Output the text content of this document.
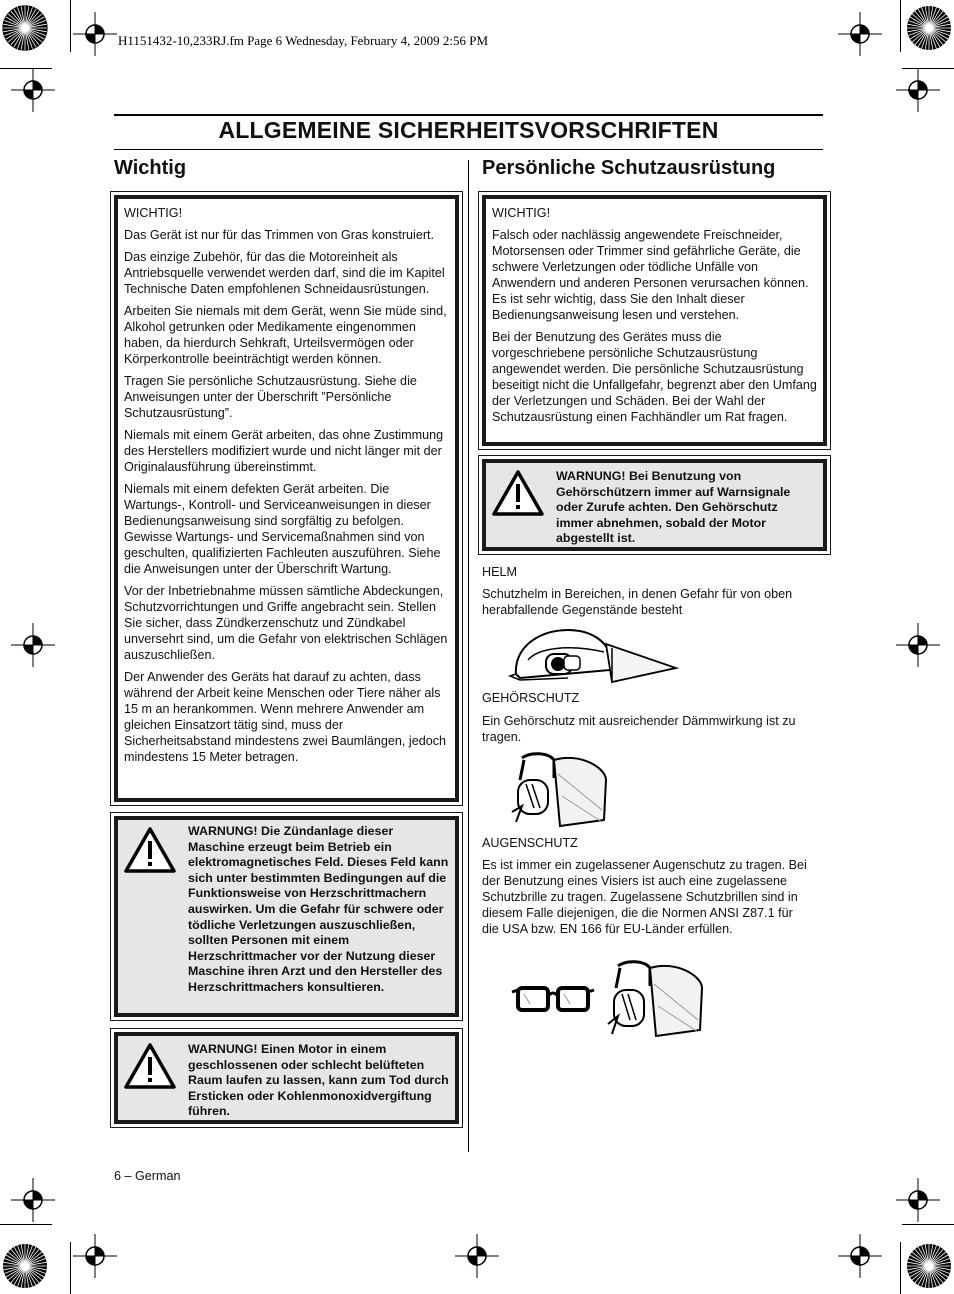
H1151432-10,233RJ.fm Page 6 Wednesday, February 4, 2009 2:56 PM
ALLGEMEINE SICHERHEITSVORSCHRIFTEN
Wichtig

WICHTIG!

Das Gerät ist nur für das Trimmen von Gras konstruiert.

Das einzige Zubehör, für das die Motoreinheit als Antriebsquelle verwendet werden darf, sind die im Kapitel Technische Daten empfohlenen Schneidausrüstungen.

Arbeiten Sie niemals mit dem Gerät, wenn Sie müde sind, Alkohol getrunken oder Medikamente eingenommen haben, da hierdurch Sehkraft, Urteilsvermögen oder Körperkontrolle beeinträchtigt werden können.

Tragen Sie persönliche Schutzausrüstung. Siehe die Anweisungen unter der Überschrift ”Persönliche Schutzausrüstung”.

Niemals mit einem Gerät arbeiten, das ohne Zustimmung des Herstellers modifiziert wurde und nicht länger mit der Originalausführung übereinstimmt.

Niemals mit einem defekten Gerät arbeiten. Die Wartungs-, Kontroll- und Serviceanweisungen in dieser Bedienungsanweisung sind sorgfältig zu befolgen. Gewisse Wartungs- und Servicemaßnahmen sind von geschulten, qualifizierten Fachleuten auszuführen. Siehe die Anweisungen unter der Überschrift Wartung.

Vor der Inbetriebnahme müssen sämtliche Abdeckungen, Schutzvorrichtungen und Griffe angebracht sein. Stellen Sie sicher, dass Zündkerzenschutz und Zündkabel unversehrt sind, um die Gefahr von elektrischen Schlägen auszuschließen.

Der Anwender des Geräts hat darauf zu achten, dass während der Arbeit keine Menschen oder Tiere näher als 15 m an herankommen. Wenn mehrere Anwender am gleichen Einsatzort tätig sind, muss der Sicherheitsabstand mindestens zwei Baumlängen, jedoch mindestens 15 Meter betragen.

WARNUNG! Die Zündanlage dieser Maschine erzeugt beim Betrieb ein elektromagnetisches Feld. Dieses Feld kann sich unter bestimmten Bedingungen auf die Funktionsweise von Herzschrittmachern auswirken. Um die Gefahr für schwere oder tödliche Verletzungen auszuschließen, sollten Personen mit einem Herzschrittmacher vor der Nutzung dieser Maschine ihren Arzt und den Hersteller des Herzschrittmachers konsultieren.
WARNUNG! Einen Motor in einem geschlossenen oder schlecht belüfteten Raum laufen zu lassen, kann zum Tod durch Ersticken oder Kohlenmonoxidvergiftung führen.
6 – German
Persönliche Schutzausrüstung

WICHTIG!

Falsch oder nachlässig angewendete Freischneider, Motorsensen oder Trimmer sind gefährliche Geräte, die schwere Verletzungen oder tödliche Unfälle von Anwendern und anderen Personen verursachen können. Es ist sehr wichtig, dass Sie den Inhalt dieser Bedienungsanweisung lesen und verstehen.

Bei der Benutzung des Gerätes muss die vorgeschriebene persönliche Schutzausrüstung angewendet werden. Die persönliche Schutzausrüstung beseitigt nicht die Unfallgefahr, begrenzt aber den Umfang der Verletzungen und Schäden. Bei der Wahl der Schutzausrüstung einen Fachhändler um Rat fragen.

WARNUNG! Bei Benutzung von Gehörschützern immer auf Warnsignale oder Zurufe achten. Den Gehörschutz immer abnehmen, sobald der Motor abgestellt ist.
HELM
Schutzhelm in Bereichen, in denen Gefahr für von oben herabfallende Gegenstände besteht
GEHÖRSCHUTZ
Ein Gehörschutz mit ausreichender Dämmwirkung ist zu tragen.
AUGENSCHUTZ
Es ist immer ein zugelassener Augenschutz zu tragen. Bei der Benutzung eines Visiers ist auch eine zugelassene Schutzbrille zu tragen. Zugelassene Schutzbrillen sind in diesem Falle diejenigen, die die Normen ANSI Z87.1 für die USA bzw. EN 166 für EU-Länder erfüllen.
